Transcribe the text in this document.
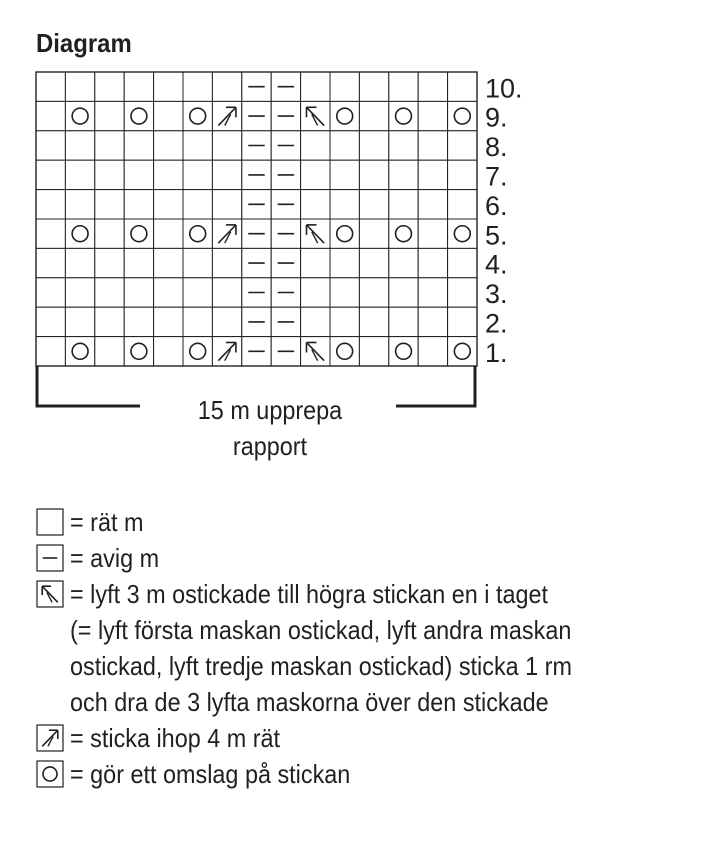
Diagram
10.
9.
8.
7.
6.
5.
4.
3.
2.
1.
15 m upprepa
rapport
= rät m
= avig m
= lyft 3 m ostickade till högra stickan en i taget
(= lyft första maskan ostickad, lyft andra maskan
ostickad, lyft tredje maskan ostickad) sticka 1 rm
och dra de 3 lyfta maskorna över den stickade
= sticka ihop 4 m rät
= gör ett omslag på stickan
